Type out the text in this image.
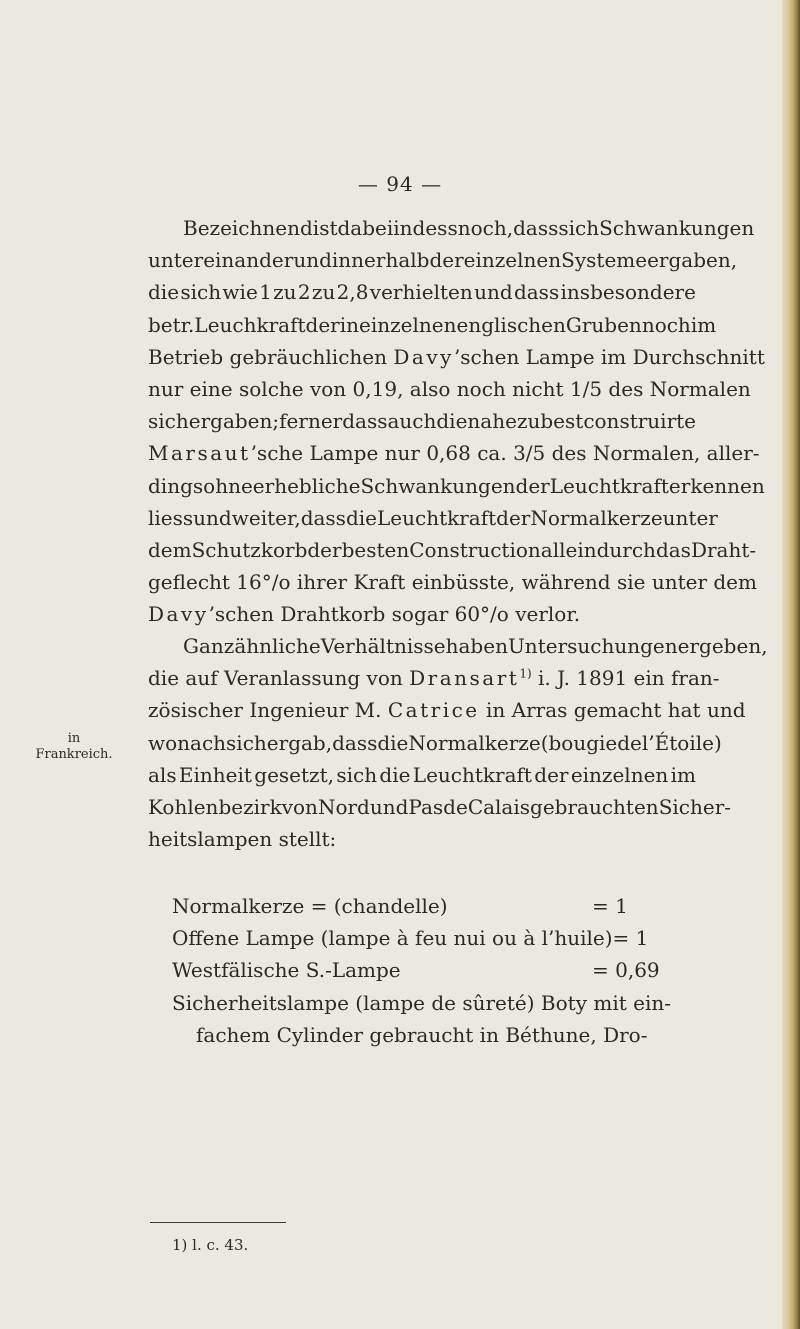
— 94 —
Bezeichnend ist dabei indess noch, dass sich Schwankungen
untereinander und innerhalb der einzelnen Systeme ergaben,
die sich wie 1 zu 2 zu 2,8 verhielten und dass insbesondere
betr. Leuchkraft der in einzelnen englischen Gruben noch im
Betrieb gebräuchlichen Davy’schen Lampe im Durchschnitt
nur eine solche von 0,19, also noch nicht 1/5 des Normalen
sich ergaben; ferner dass auch die nahezu bestconstruirte
Marsaut’sche Lampe nur 0,68 ca. 3/5 des Normalen, aller-
dings ohne erhebliche Schwankungen der Leuchtkraft erkennen
liess und weiter, dass die Leuchtkraft der Normalkerze unter
dem Schutzkorb der besten Construction allein durch das Draht-
geflecht 16°/o ihrer Kraft einbüsste, während sie unter dem
Davy’schen Drahtkorb sogar 60°/o verlor.
in
Frankreich.
Ganz ähnliche Verhältnisse haben Untersuchungen ergeben,
die auf Veranlassung von Dransart$^{1)}$ i. J. 1891 ein fran-
zösischer Ingenieur M. Catrice in Arras gemacht hat und
wonach sich ergab, dass die Normalkerze (bougie de l’Étoile)
als Einheit gesetzt, sich die Leuchtkraft der einzelnen im
Kohlenbezirk von Nord und Pas de Calais gebrauchten Sicher-
heitslampen stellt:
Normalkerze = (chandelle)	= 1
Offene Lampe (lampe à feu nui ou à l’huile) = 1
Westfälische S.-Lampe	= 0,69
Sicherheitslampe (lampe de sûreté) Boty mit ein-
fachem Cylinder gebraucht in Béthune, Dro-
1) l. c. 43.
